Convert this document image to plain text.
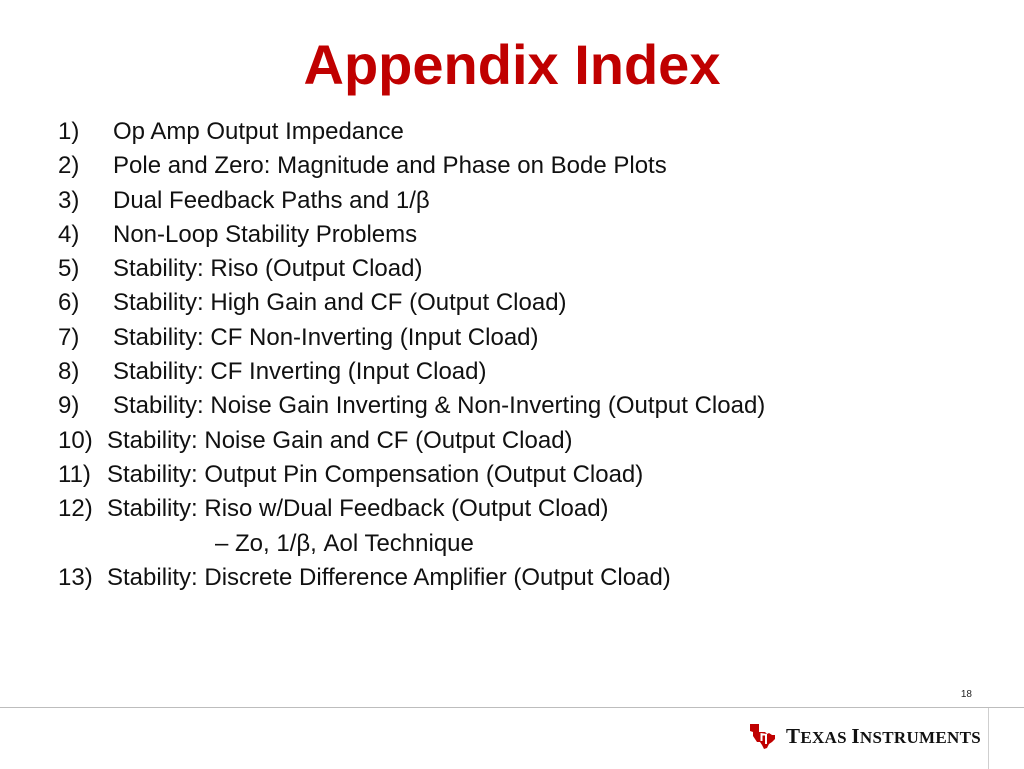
Appendix Index
1) Op Amp Output Impedance
2) Pole and Zero: Magnitude and Phase on Bode Plots
3) Dual Feedback Paths and 1/β
4) Non-Loop Stability Problems
5) Stability: Riso (Output Cload)
6) Stability: High Gain and CF (Output Cload)
7) Stability: CF Non-Inverting (Input Cload)
8) Stability: CF Inverting (Input Cload)
9) Stability: Noise Gain Inverting & Non-Inverting (Output Cload)
10) Stability: Noise Gain and CF (Output Cload)
11) Stability: Output Pin Compensation (Output Cload)
12) Stability: Riso w/Dual Feedback (Output Cload)
– Zo, 1/β, Aol Technique
13) Stability: Discrete Difference Amplifier (Output Cload)
18
TEXAS INSTRUMENTS
